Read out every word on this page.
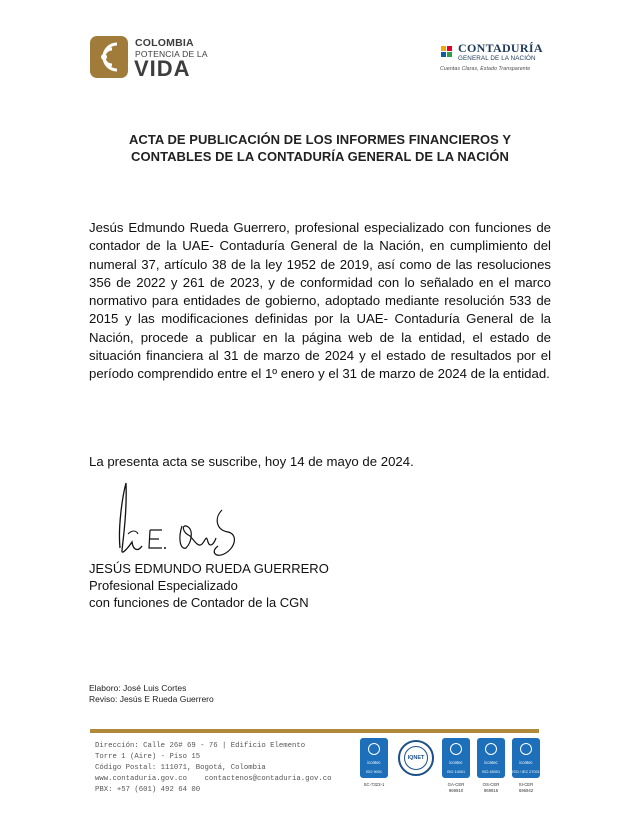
COLOMBIA
POTENCIA DE LA
VIDA
CONTADURÍA
GENERAL DE LA NACIÓN
Cuentas Claras, Estado Transparente
ACTA DE PUBLICACIÓN DE LOS INFORMES FINANCIEROS Y
CONTABLES DE LA CONTADURÍA GENERAL DE LA NACIÓN
Jesús Edmundo Rueda Guerrero, profesional especializado con funciones de contador de la UAE- Contaduría General de la Nación, en cumplimiento del numeral 37, artículo 38 de la ley 1952 de 2019, así como de las resoluciones 356 de 2022 y 261 de 2023, y de conformidad con lo señalado en el marco normativo para entidades de gobierno, adoptado mediante resolución 533 de 2015 y las modificaciones definidas por la UAE- Contaduría General de la Nación, procede a publicar en la página web de la entidad, el estado de situación financiera al 31 de marzo de 2024 y el estado de resultados por el período comprendido entre el 1º enero y el 31 de marzo de 2024 de la entidad.
La presenta acta se suscribe, hoy 14 de mayo de 2024.
JESÚS EDMUNDO RUEDA GUERRERO
Profesional Especializado
con funciones de Contador de la CGN
Elaboro: José Luis Cortes
Reviso: Jesús E Rueda Guerrero
Dirección: Calle 26# 69 - 76 | Edificio Elemento
Torre 1 (Aire) - Piso 15
Código Postal: 111071, Bogotá, Colombia
www.contaduria.gov.co    contactenos@contaduria.gov.co
PBX: +57 (601) 492 64 00
icontec
ISO 9001
SC-7323-1
IQNET
icontec
ISO 14001
GA-CER 969910
icontec
ISO 45001
OS-CER 969915
icontec
ISO / IEC 27001
SI-CER 696942
